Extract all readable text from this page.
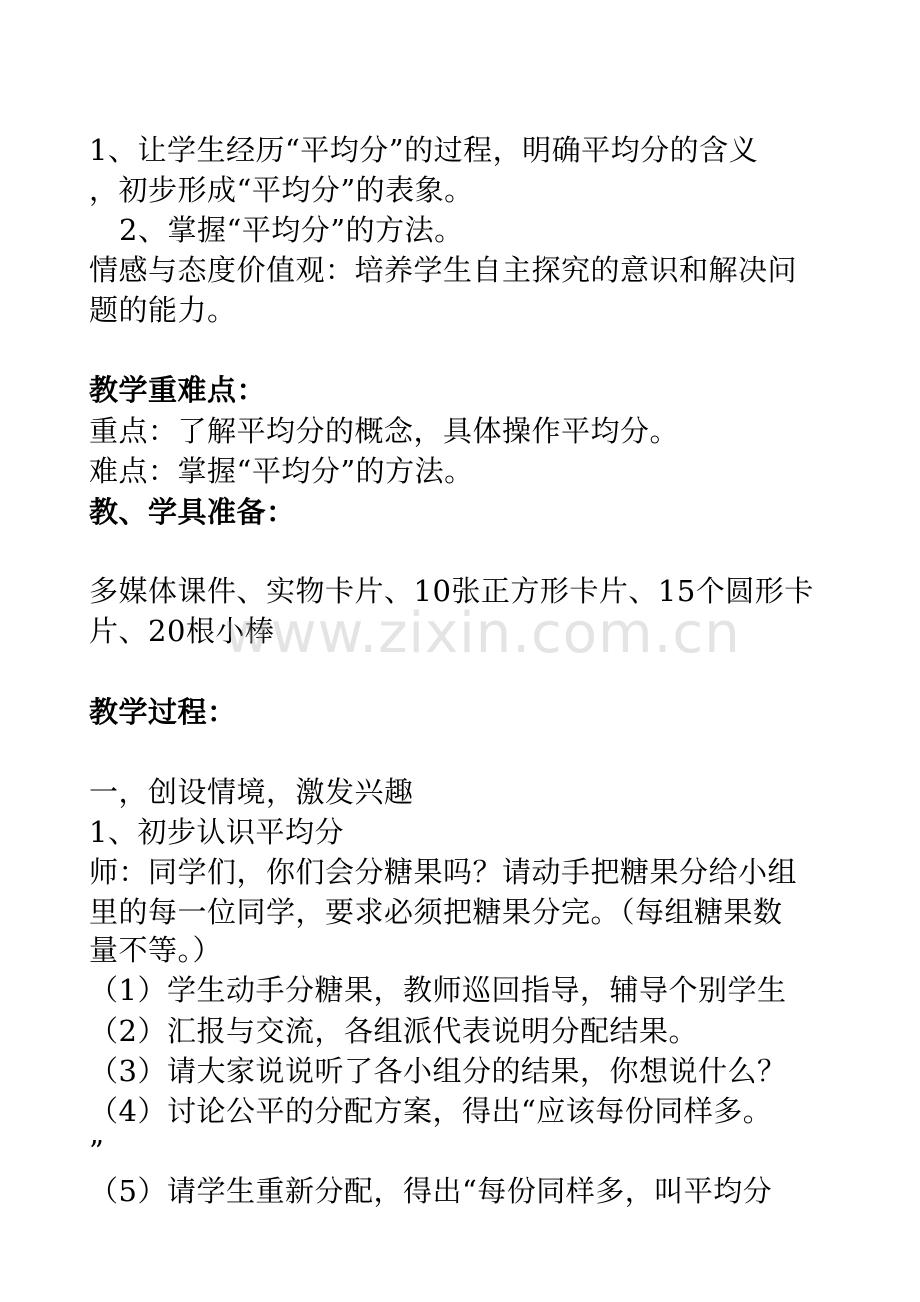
1、让学生经历“平均分”的过程，明确平均分的含义
，初步形成“平均分”的表象。
2、掌握“平均分”的方法。
情感与态度价值观：培养学生自主探究的意识和解决问
题的能力。
教学重难点：
重点：了解平均分的概念，具体操作平均分。
难点：掌握“平均分”的方法。
教、学具准备：
多媒体课件、实物卡片、10张正方形卡片、15个圆形卡
片、20根小棒
教学过程：
一，创设情境，激发兴趣
1、初步认识平均分
师：同学们，你们会分糖果吗？请动手把糖果分给小组
里的每一位同学，要求必须把糖果分完。（每组糖果数
量不等。）
（1）学生动手分糖果，教师巡回指导，辅导个别学生
（2）汇报与交流，各组派代表说明分配结果。
（3）请大家说说听了各小组分的结果，你想说什么？
（4）讨论公平的分配方案，得出“应该每份同样多。
”
（5）请学生重新分配，得出“每份同样多，叫平均分
www.zixin.com.cn
